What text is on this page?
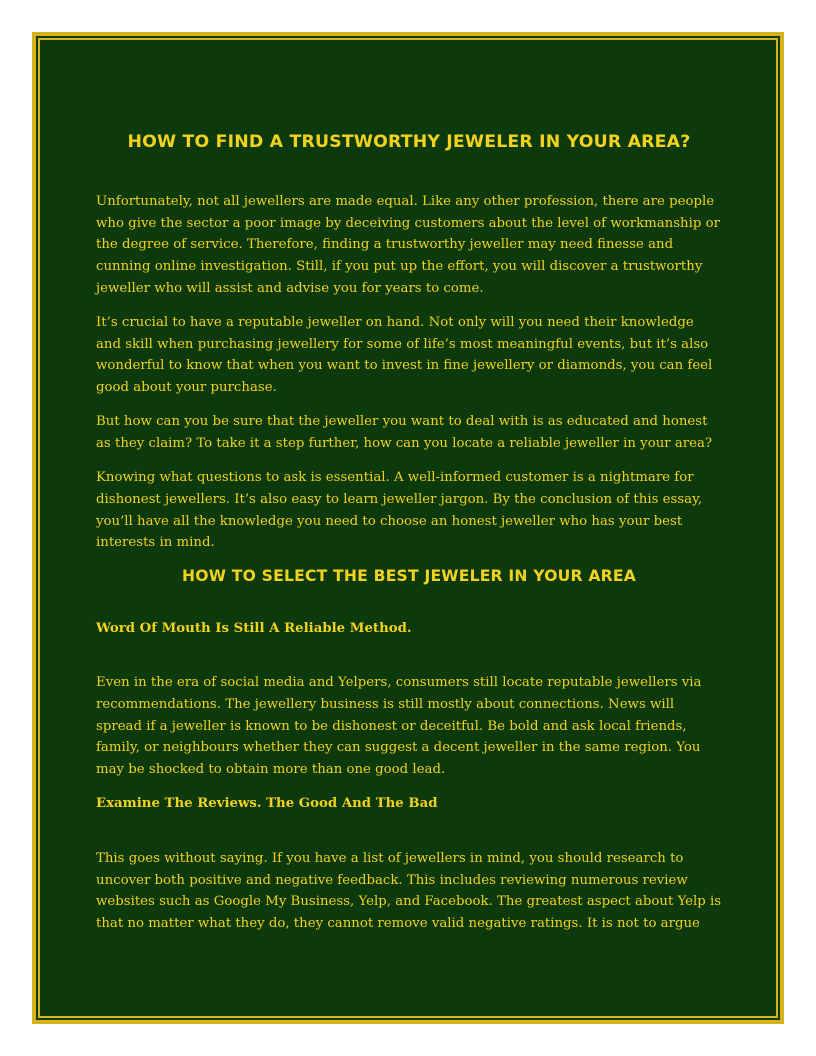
HOW TO FIND A TRUSTWORTHY JEWELER IN YOUR AREA?

Unfortunately, not all jewellers are made equal. Like any other profession, there are people who give the sector a poor image by deceiving customers about the level of workmanship or the degree of service. Therefore, finding a trustworthy jeweller may need finesse and cunning online investigation. Still, if you put up the effort, you will discover a trustworthy jeweller who will assist and advise you for years to come.

It’s crucial to have a reputable jeweller on hand. Not only will you need their knowledge and skill when purchasing jewellery for some of life’s most meaningful events, but it’s also wonderful to know that when you want to invest in fine jewellery or diamonds, you can feel good about your purchase.

But how can you be sure that the jeweller you want to deal with is as educated and honest as they claim? To take it a step further, how can you locate a reliable jeweller in your area?

Knowing what questions to ask is essential. A well-informed customer is a nightmare for dishonest jewellers. It’s also easy to learn jeweller jargon. By the conclusion of this essay, you’ll have all the knowledge you need to choose an honest jeweller who has your best interests in mind.

HOW TO SELECT THE BEST JEWELER IN YOUR AREA

Word Of Mouth Is Still A Reliable Method.

Even in the era of social media and Yelpers, consumers still locate reputable jewellers via recommendations. The jewellery business is still mostly about connections. News will spread if a jeweller is known to be dishonest or deceitful. Be bold and ask local friends, family, or neighbours whether they can suggest a decent jeweller in the same region. You may be shocked to obtain more than one good lead.

Examine The Reviews. The Good And The Bad

This goes without saying. If you have a list of jewellers in mind, you should research to uncover both positive and negative feedback. This includes reviewing numerous review websites such as Google My Business, Yelp, and Facebook. The greatest aspect about Yelp is that no matter what they do, they cannot remove valid negative ratings. It is not to argue
